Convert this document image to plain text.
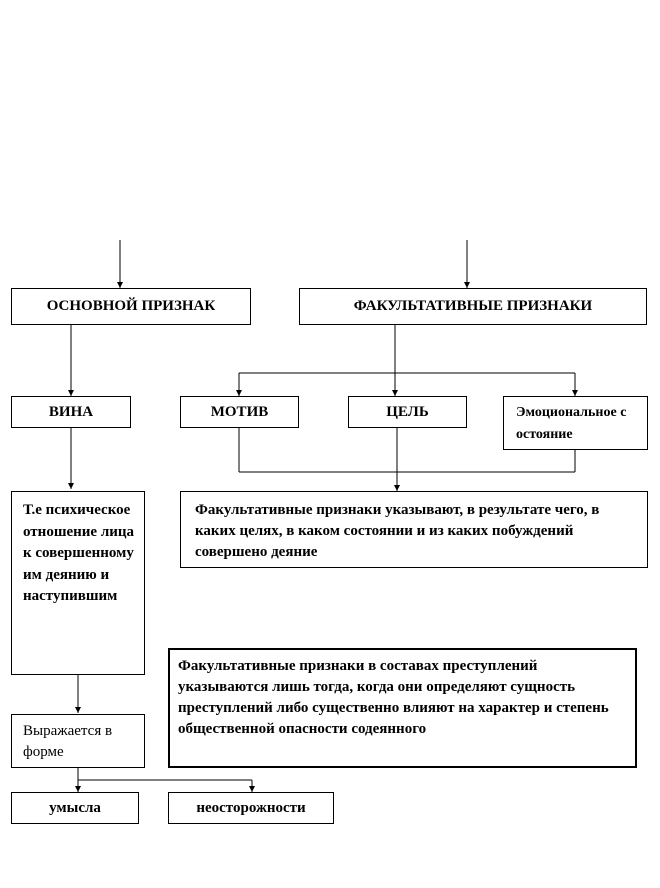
ОСНОВНОЙ ПРИЗНАК	ФАКУЛЬТАТИВНЫЕ ПРИЗНАКИ
ВИНА	МОТИВ	ЦЕЛЬ	Эмоциональное состояние
Т.е психическое отношение лица к совершенному им деянию и наступившим
Факультативные признаки указывают, в результате чего, в каких целях, в каком состоянии и из каких побуждений совершено деяние
Факультативные признаки в составах преступлений указываются лишь тогда, когда они определяют сущность преступлений либо существенно влияют на характер и степень общественной опасности содеянного
Выражается в форме
умысла	неосторожности
